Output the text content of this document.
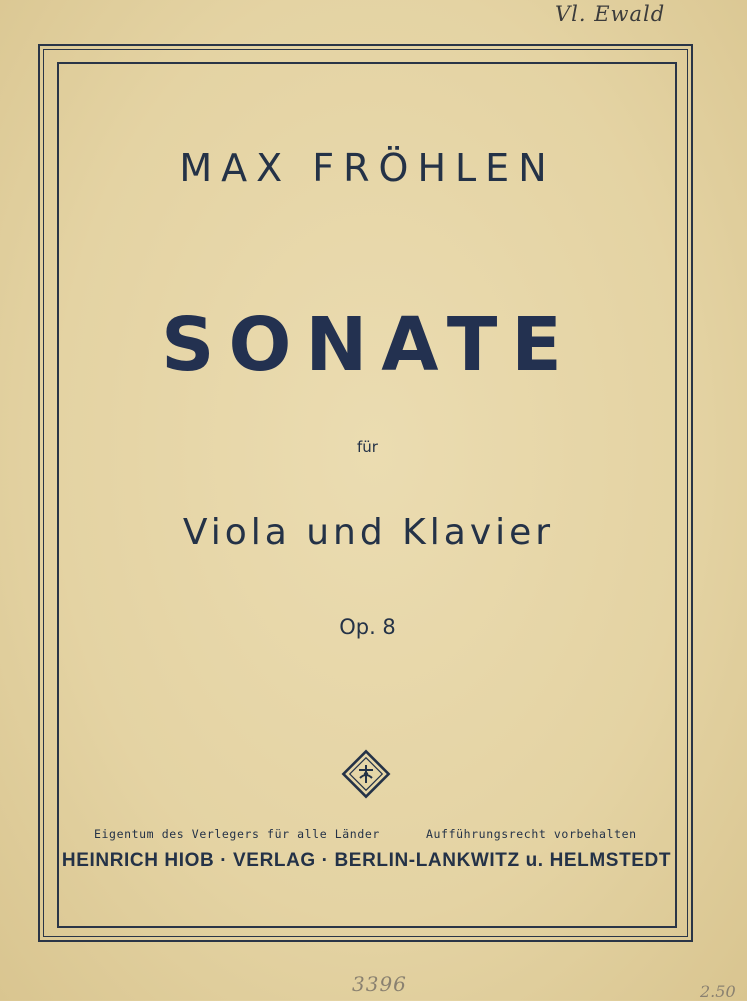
Vl. Ewald
MAX FRÖHLEN
SONATE
für
Viola und Klavier
Op. 8
Eigentum des Verlegers für alle Länder	Aufführungsrecht vorbehalten
HEINRICH HIOB · VERLAG · BERLIN-LANKWITZ u. HELMSTEDT
3396	2.50
